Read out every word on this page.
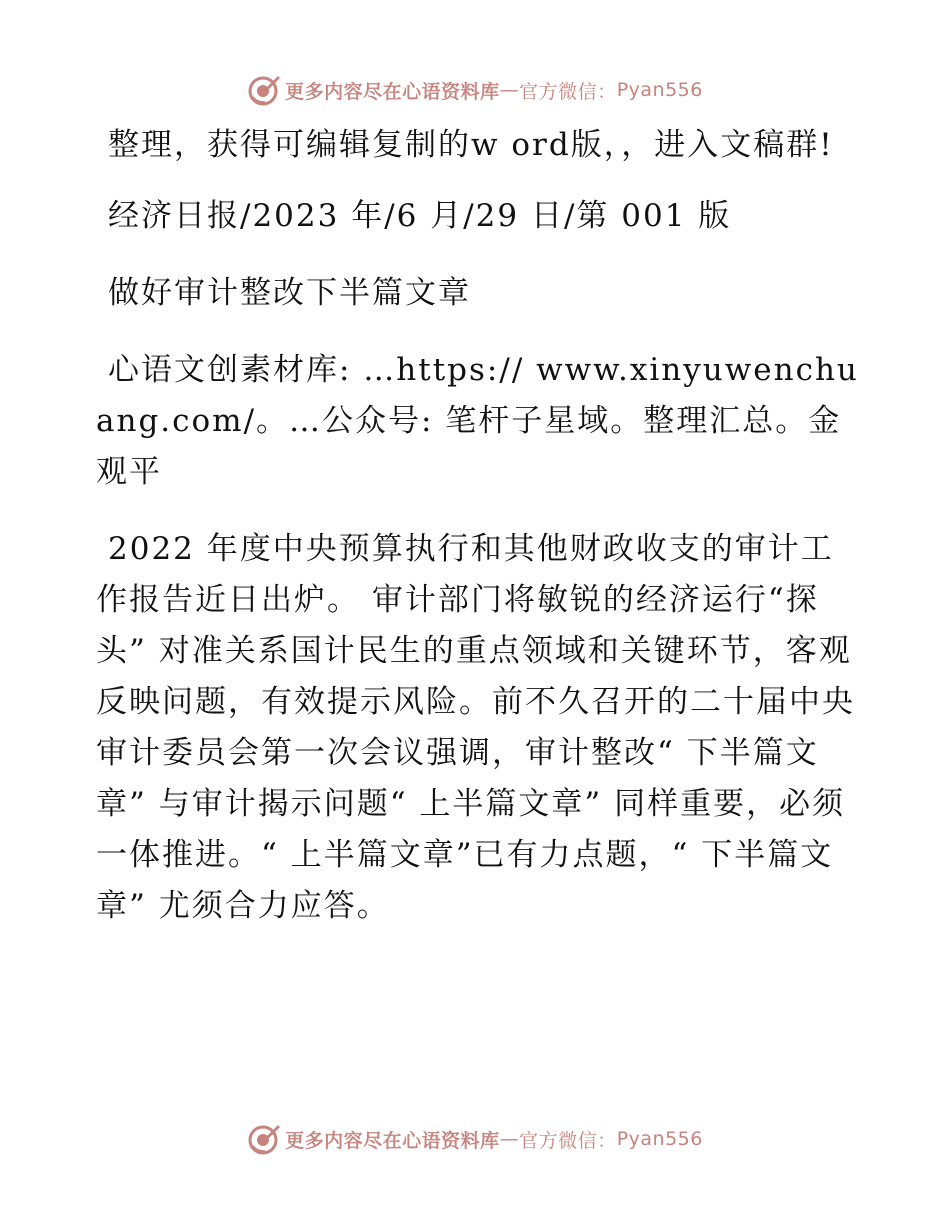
更多内容尽在心语资料库 — 官方微信： Pyan556

整理，获得可编辑复制的w ord版，，进入文稿群!

经济日报/2023 年/6 月/29 日/第 001 版

做好审计整改下半篇文章

心语文创素材库: …https:// www.xinyuwenchuang.com/。…公众号: 笔杆子星域。整理汇总。金观平

2022 年度中央预算执行和其他财政收支的审计工作报告近日出炉。 审计部门将敏锐的经济运行“探头” 对准关系国计民生的重点领域和关键环节，客观反映问题，有效提示风险。前不久召开的二十届中央审计委员会第一次会议强调，审计整改“ 下半篇文章” 与审计揭示问题“ 上半篇文章” 同样重要，必须一体推进。“ 上半篇文章”已有力点题，“ 下半篇文章” 尤须合力应答。

更多内容尽在心语资料库 — 官方微信： Pyan556
